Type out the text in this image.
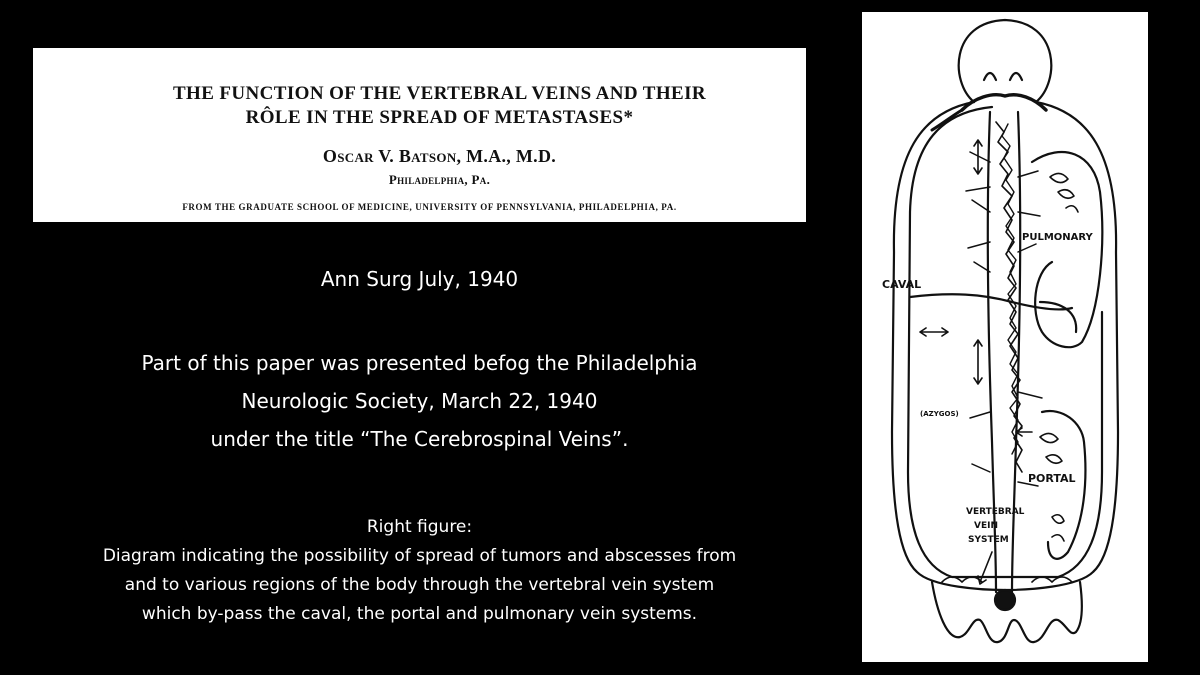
THE FUNCTION OF THE VERTEBRAL VEINS AND THEIR
RÔLE IN THE SPREAD OF METASTASES*
Oscar V. Batson, M.A., M.D.
Philadelphia, Pa.
FROM THE GRADUATE SCHOOL OF MEDICINE, UNIVERSITY OF PENNSYLVANIA, PHILADELPHIA, PA.
Ann Surg July, 1940
Part of this paper was presented befog the Philadelphia
Neurologic Society, March 22, 1940
under the title “The Cerebrospinal Veins”.
Right figure:
Diagram indicating the possibility of spread of tumors and abscesses from
and to various regions of the body through the vertebral vein system
which by-pass the caval, the portal and pulmonary vein systems.
CAVAL
PULMONARY
(AZYGOS)
PORTAL
VERTEBRAL
VEIN
SYSTEM
